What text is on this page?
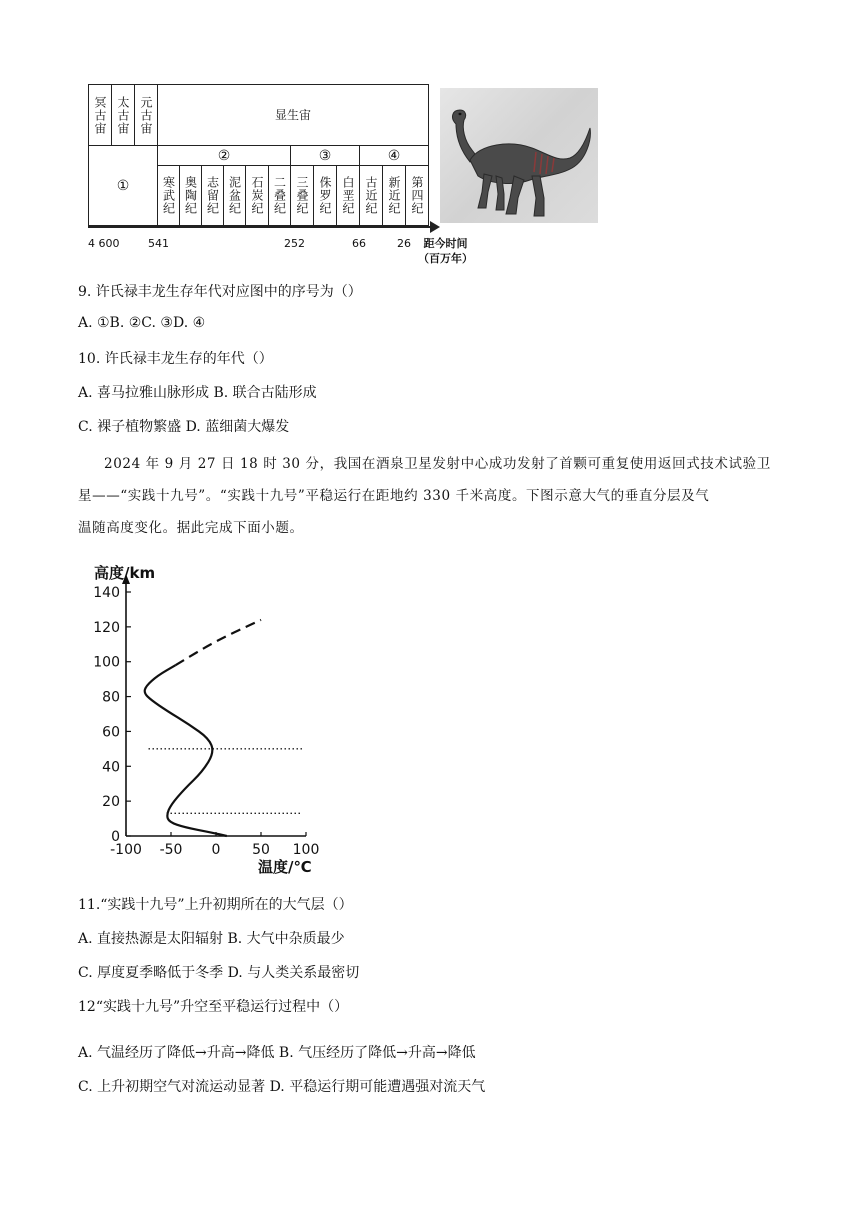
冥古宙 太古宙 元古宙	显生宙
①
②	③	④
寒武纪 奥陶纪 志留纪 泥盆纪 石炭纪 二叠纪 三叠纪 侏罗纪 白垩纪 古近纪 新近纪 第四纪
4 600	541	252	66	26	距今时间
（百万年）
9. 许氏禄丰龙生存年代对应图中的序号为（）
A. ①B. ②C. ③D. ④
10. 许氏禄丰龙生存的年代（）
A. 喜马拉雅山脉形成 B. 联合古陆形成
C. 裸子植物繁盛 D. 蓝细菌大爆发
2024 年 9 月 27 日 18 时 30 分，我国在酒泉卫星发射中心成功发射了首颗可重复使用返回式技术试验卫
星——“实践十九号”。“实践十九号”平稳运行在距地约 330 千米高度。下图示意大气的垂直分层及气
温随高度变化。据此完成下面小题。
0
20
40
60
80
100
120
140
-100 -50 0 50 100
高度/km
温度/℃
11.“实践十九号”上升初期所在的大气层（）
A. 直接热源是太阳辐射 B. 大气中杂质最少
C. 厚度夏季略低于冬季 D. 与人类关系最密切
12“实践十九号”升空至平稳运行过程中（）
A. 气温经历了降低→升高→降低 B. 气压经历了降低→升高→降低
C. 上升初期空气对流运动显著 D. 平稳运行期可能遭遇强对流天气
